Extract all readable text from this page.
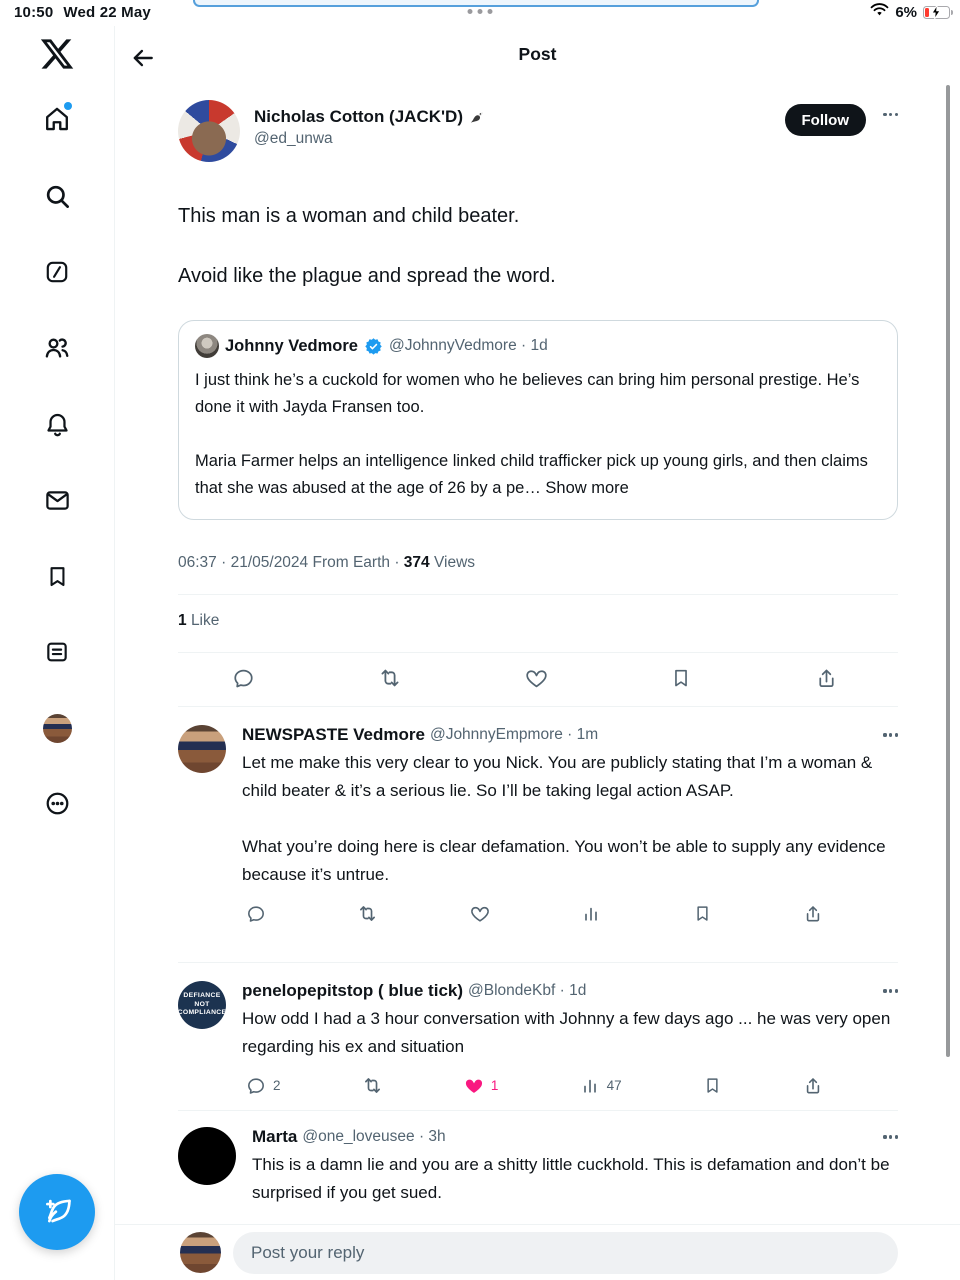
10:50 Wed 22 May	6%
Post
Nicholas Cotton (JACK'D)
@ed_unwa
Follow
This man is a woman and child beater.
Avoid like the plague and spread the word.
Johnny Vedmore @JohnnyVedmore · 1d
I just think he’s a cuckold for women who he believes can bring him personal prestige. He’s done it with Jayda Fransen too.
Maria Farmer helps an intelligence linked child trafficker pick up young girls, and then claims that she was abused at the age of 26 by a pe… Show more
06:37 · 21/05/2024 From Earth · 374 Views
1 Like
NEWSPASTE Vedmore @JohnnyEmpmore · 1m
Let me make this very clear to you Nick. You are publicly stating that I’m a woman & child beater & it’s a serious lie. So I’ll be taking legal action ASAP.
What you’re doing here is clear defamation. You won’t be able to supply any evidence because it’s untrue.
DEFIANCE
NOT
COMPLIANCE
penelopepitstop ( blue tick) @BlondeKbf · 1d
How odd I had a 3 hour conversation with Johnny a few days ago ... he was very open regarding his ex and situation
2	1	47
Marta @one_loveusee · 3h
This is a damn lie and you are a shitty little cuckhold. This is defamation and don’t be surprised if you get sued.
Post your reply
